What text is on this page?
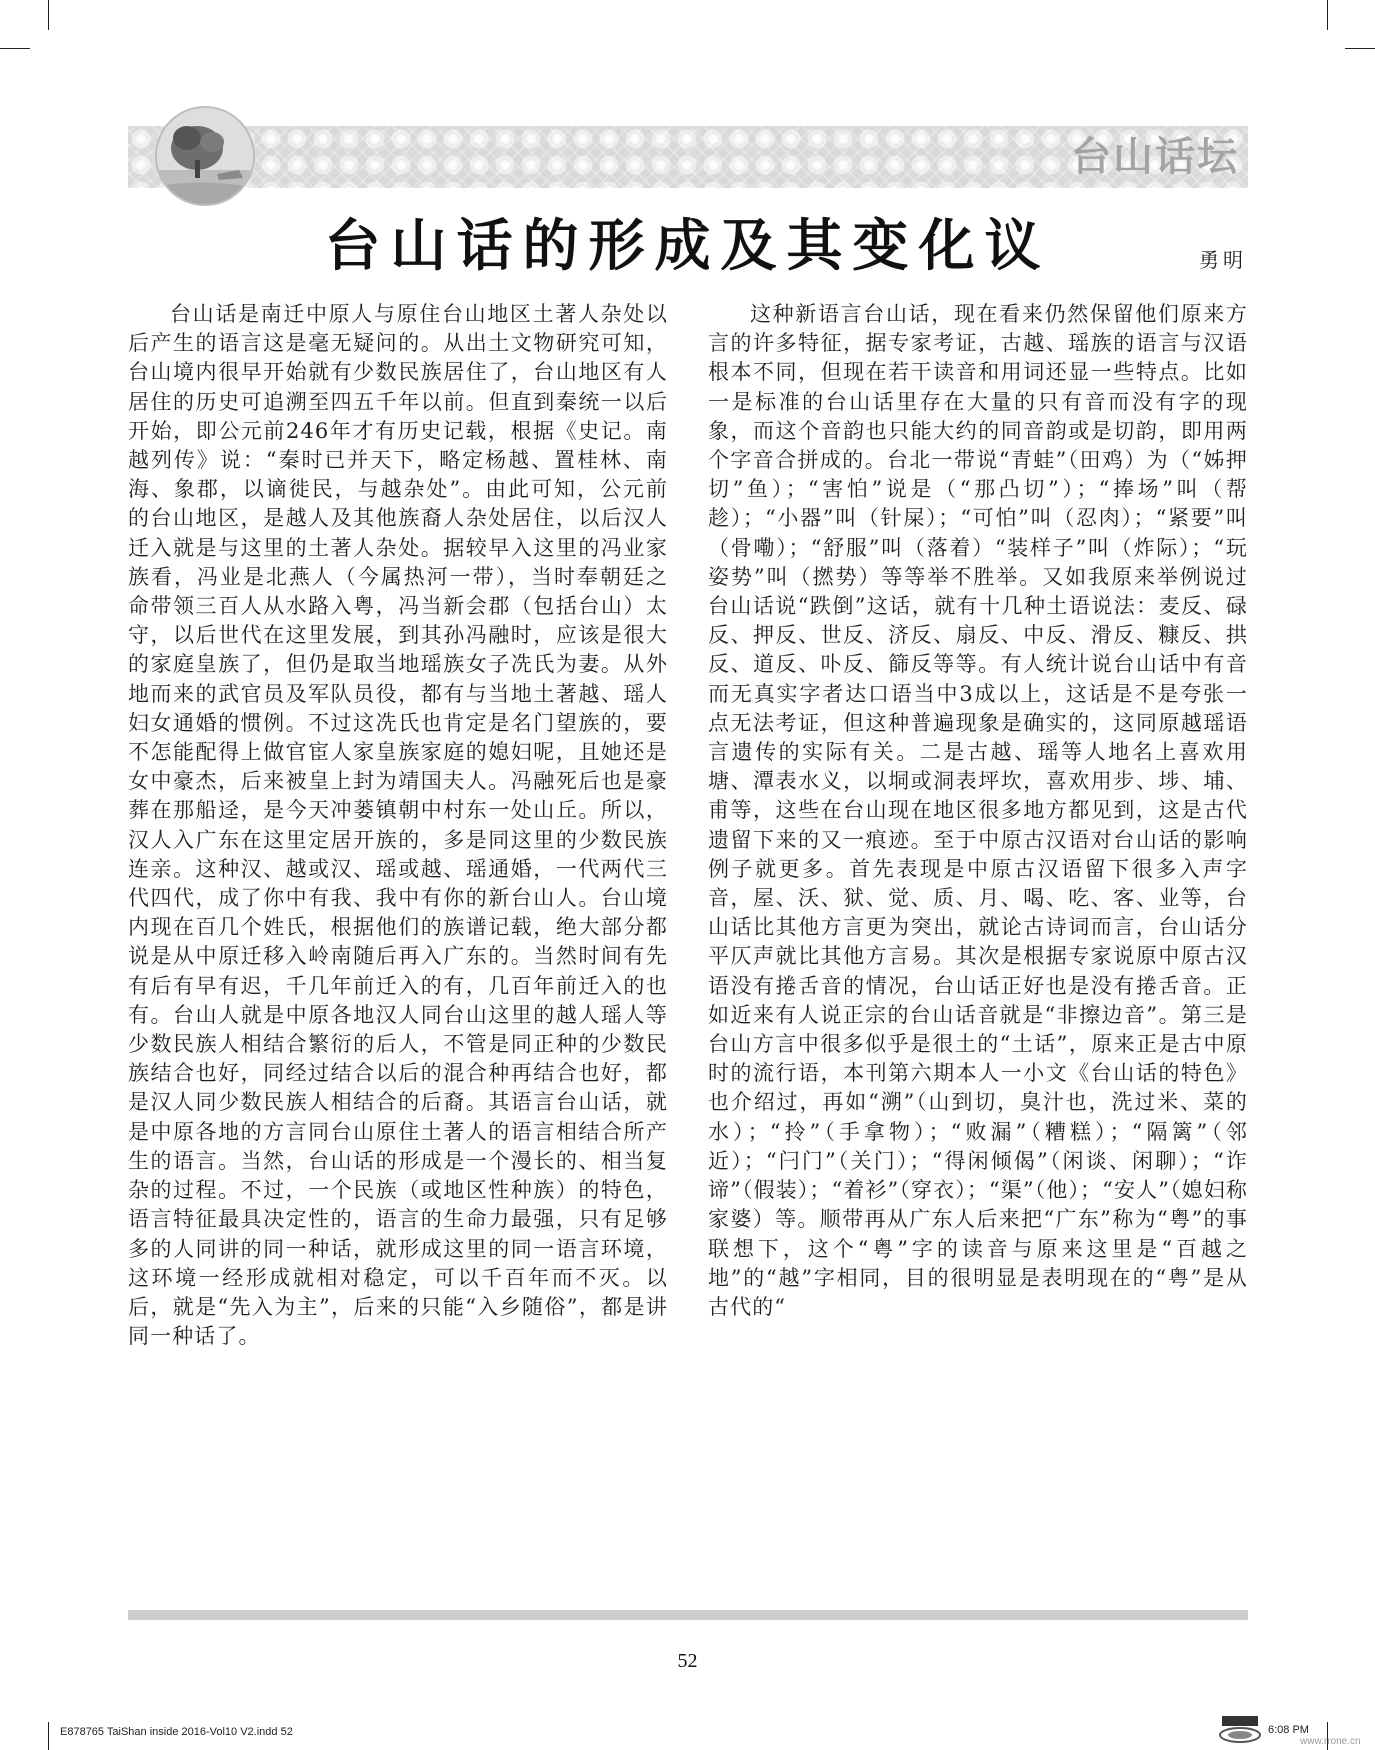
台山话坛
台山话的形成及其变化议	勇明

台山话是南迁中原人与原住台山地区土著人杂处以后产生的语言这是毫无疑问的。从出土文物研究可知，台山境内很早开始就有少数民族居住了，台山地区有人居住的历史可追溯至四五千年以前。但直到秦统一以后开始，即公元前246年才有历史记载，根据《史记。南越列传》说：“秦时已并天下，略定杨越、置桂林、南海、象郡，以谪徙民，与越杂处”。由此可知，公元前的台山地区，是越人及其他族裔人杂处居住，以后汉人迁入就是与这里的土著人杂处。据较早入这里的冯业家族看，冯业是北燕人（今属热河一带），当时奉朝廷之命带领三百人从水路入粤，冯当新会郡（包括台山）太守，以后世代在这里发展，到其孙冯融时，应该是很大的家庭皇族了，但仍是取当地瑶族女子冼氏为妻。从外地而来的武官员及军队员役，都有与当地土著越、瑶人妇女通婚的惯例。不过这冼氏也肯定是名门望族的，要不怎能配得上做官宦人家皇族家庭的媳妇呢，且她还是女中豪杰，后来被皇上封为靖国夫人。冯融死后也是豪葬在那船迳，是今天冲蒌镇朝中村东一处山丘。所以，汉人入广东在这里定居开族的，多是同这里的少数民族连亲。这种汉、越或汉、瑶或越、瑶通婚，一代两代三代四代，成了你中有我、我中有你的新台山人。台山境内现在百几个姓氏，根据他们的族谱记载，绝大部分都说是从中原迁移入岭南随后再入广东的。当然时间有先有后有早有迟，千几年前迁入的有，几百年前迁入的也有。台山人就是中原各地汉人同台山这里的越人瑶人等少数民族人相结合繁衍的后人，不管是同正种的少数民族结合也好，同经过结合以后的混合种再结合也好，都是汉人同少数民族人相结合的后裔。其语言台山话，就是中原各地的方言同台山原住土著人的语言相结合所产生的语言。当然，台山话的形成是一个漫长的、相当复杂的过程。不过，一个民族（或地区性种族）的特色，语言特征最具决定性的，语言的生命力最强，只有足够多的人同讲的同一种话，就形成这里的同一语言环境，这环境一经形成就相对稳定，可以千百年而不灭。以后，就是“先入为主”，后来的只能“入乡随俗”，都是讲同一种话了。

这种新语言台山话，现在看来仍然保留他们原来方言的许多特征，据专家考证，古越、瑶族的语言与汉语根本不同，但现在若干读音和用词还显一些特点。比如一是标准的台山话里存在大量的只有音而没有字的现象，而这个音韵也只能大约的同音韵或是切韵，即用两个字音合拼成的。台北一带说“青蛙”（田鸡）为（“姊押切”鱼）；“害怕”说是（“那凸切”）；“捧场”叫（帮趁）；“小器”叫（针屎）；“可怕”叫（忍肉）；“紧要”叫（骨嘞）；“舒服”叫（落着）“装样子”叫（炸际）；“玩姿势”叫（撚势）等等举不胜举。又如我原来举例说过台山话说“跌倒”这话，就有十几种土语说法：麦反、碌反、押反、世反、济反、扇反、中反、滑反、糠反、拱反、道反、卟反、篩反等等。有人统计说台山话中有音而无真实字者达口语当中3成以上，这话是不是夸张一点无法考证，但这种普遍现象是确实的，这同原越瑶语言遗传的实际有关。二是古越、瑶等人地名上喜欢用塘、潭表水义，以垌或洞表坪坎，喜欢用步、埗、埔、甫等，这些在台山现在地区很多地方都见到，这是古代遗留下来的又一痕迹。至于中原古汉语对台山话的影响例子就更多。首先表现是中原古汉语留下很多入声字音，屋、沃、狱、觉、质、月、喝、吃、客、业等，台山话比其他方言更为突出，就论古诗词而言，台山话分平仄声就比其他方言易。其次是根据专家说原中原古汉语没有捲舌音的情况，台山话正好也是没有捲舌音。正如近来有人说正宗的台山话音就是“非擦边音”。第三是台山方言中很多似乎是很土的“土话”，原来正是古中原时的流行语，本刊第六期本人一小文《台山话的特色》也介绍过，再如“溯”（山到切，臭汁也，洗过米、菜的水）；“拎”（手拿物）；“败漏”（糟糕）；“隔篱”（邻近）；“闩门”（关门）；“得闲倾偈”（闲谈、闲聊）；“诈谛”（假装）；“着衫”（穿衣）；“渠”（他）；“安人”（媳妇称家婆）等。顺带再从广东人后来把“广东”称为“粤”的事联想下，这个“粤”字的读音与原来这里是“百越之地”的“越”字相同，目的很明显是表明现在的“粤”是从古代的“

52
E878765 TaiShan inside 2016-Vol10 V2.indd 52	6:08 PM
www.rrone.cn
